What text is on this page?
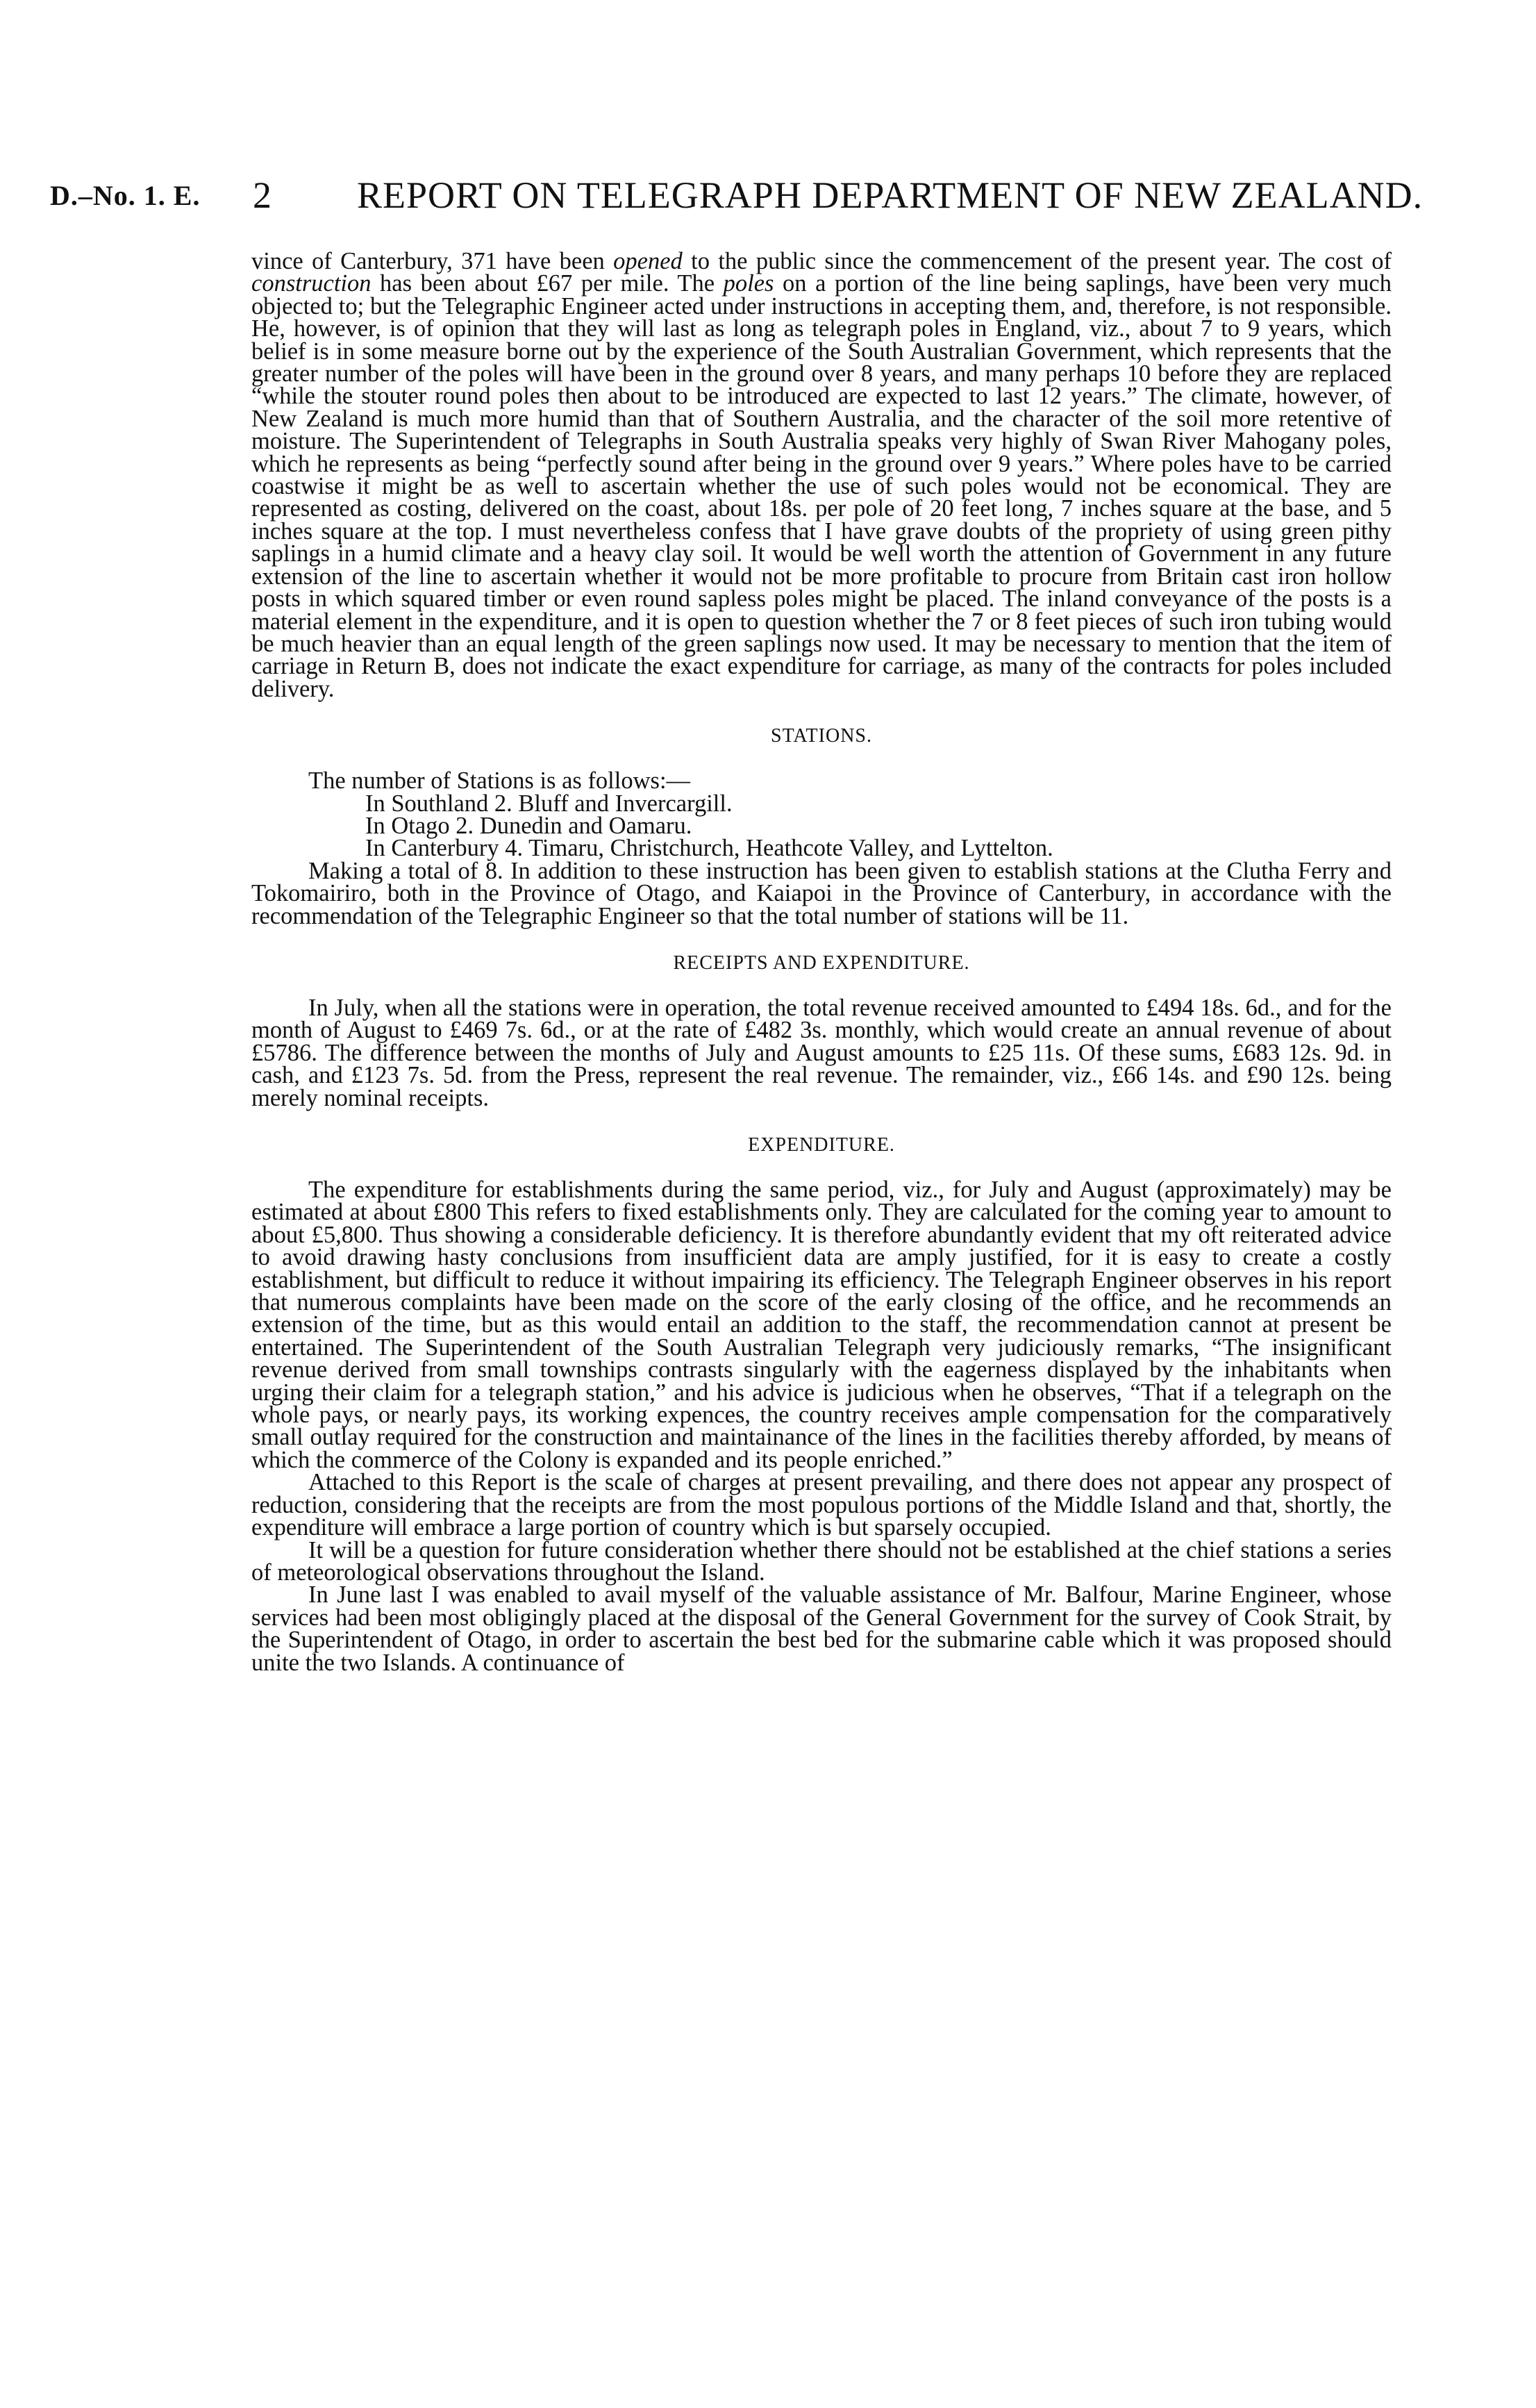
D.–No. 1. E. 2 REPORT ON TELEGRAPH DEPARTMENT OF NEW ZEALAND.

vince of Canterbury, 371 have been opened to the public since the commencement of the present year. The cost of construction has been about £67 per mile. The poles on a portion of the line being saplings, have been very much objected to; but the Telegraphic Engineer acted under instructions in accepting them, and, therefore, is not responsible. He, however, is of opinion that they will last as long as telegraph poles in England, viz., about 7 to 9 years, which belief is in some measure borne out by the experience of the South Australian Government, which represents that the greater number of the poles will have been in the ground over 8 years, and many perhaps 10 before they are replaced “while the stouter round poles then about to be introduced are expected to last 12 years.” The climate, however, of New Zealand is much more humid than that of Southern Australia, and the character of the soil more retentive of moisture. The Superintendent of Telegraphs in South Australia speaks very highly of Swan River Mahogany poles, which he represents as being “perfectly sound after being in the ground over 9 years.” Where poles have to be carried coastwise it might be as well to ascertain whether the use of such poles would not be economical. They are represented as costing, delivered on the coast, about 18s. per pole of 20 feet long, 7 inches square at the base, and 5 inches square at the top. I must nevertheless confess that I have grave doubts of the propriety of using green pithy saplings in a humid climate and a heavy clay soil. It would be well worth the attention of Government in any future extension of the line to ascertain whether it would not be more profitable to procure from Britain cast iron hollow posts in which squared timber or even round sapless poles might be placed. The inland conveyance of the posts is a material element in the expenditure, and it is open to question whether the 7 or 8 feet pieces of such iron tubing would be much heavier than an equal length of the green saplings now used. It may be necessary to mention that the item of carriage in Return B, does not indicate the exact expenditure for carriage, as many of the contracts for poles included delivery.

STATIONS.
The number of Stations is as follows:—
In Southland 2. Bluff and Invercargill.
In Otago 2. Dunedin and Oamaru.
In Canterbury 4. Timaru, Christchurch, Heathcote Valley, and Lyttelton.

Making a total of 8. In addition to these instruction has been given to establish stations at the Clutha Ferry and Tokomairiro, both in the Province of Otago, and Kaiapoi in the Province of Canterbury, in accordance with the recommendation of the Telegraphic Engineer so that the total number of stations will be 11.

RECEIPTS AND EXPENDITURE.

In July, when all the stations were in operation, the total revenue received amounted to £494 18s. 6d., and for the month of August to £469 7s. 6d., or at the rate of £482 3s. monthly, which would create an annual revenue of about £5786. The difference between the months of July and August amounts to £25 11s. Of these sums, £683 12s. 9d. in cash, and £123 7s. 5d. from the Press, represent the real revenue. The remainder, viz., £66 14s. and £90 12s. being merely nominal receipts.

EXPENDITURE.

The expenditure for establishments during the same period, viz., for July and August (approximately) may be estimated at about £800 This refers to fixed establishments only. They are calculated for the coming year to amount to about £5,800. Thus showing a considerable deficiency. It is therefore abundantly evident that my oft reiterated advice to avoid drawing hasty conclusions from insufficient data are amply justified, for it is easy to create a costly establishment, but difficult to reduce it without impairing its efficiency. The Telegraph Engineer observes in his report that numerous complaints have been made on the score of the early closing of the office, and he recommends an extension of the time, but as this would entail an addition to the staff, the recommendation cannot at present be entertained. The Superintendent of the South Australian Telegraph very judiciously remarks, “The insignificant revenue derived from small townships contrasts singularly with the eagerness displayed by the inhabitants when urging their claim for a telegraph station,” and his advice is judicious when he observes, “That if a telegraph on the whole pays, or nearly pays, its working expences, the country receives ample compensation for the comparatively small outlay required for the construction and maintainance of the lines in the facilities thereby afforded, by means of which the commerce of the Colony is expanded and its people enriched.”

Attached to this Report is the scale of charges at present prevailing, and there does not appear any prospect of reduction, considering that the receipts are from the most populous portions of the Middle Island and that, shortly, the expenditure will embrace a large portion of country which is but sparsely occupied.

It will be a question for future consideration whether there should not be established at the chief stations a series of meteorological observations throughout the Island.

In June last I was enabled to avail myself of the valuable assistance of Mr. Balfour, Marine Engineer, whose services had been most obligingly placed at the disposal of the General Government for the survey of Cook Strait, by the Superintendent of Otago, in order to ascertain the best bed for the submarine cable which it was proposed should unite the two Islands. A continuance of
